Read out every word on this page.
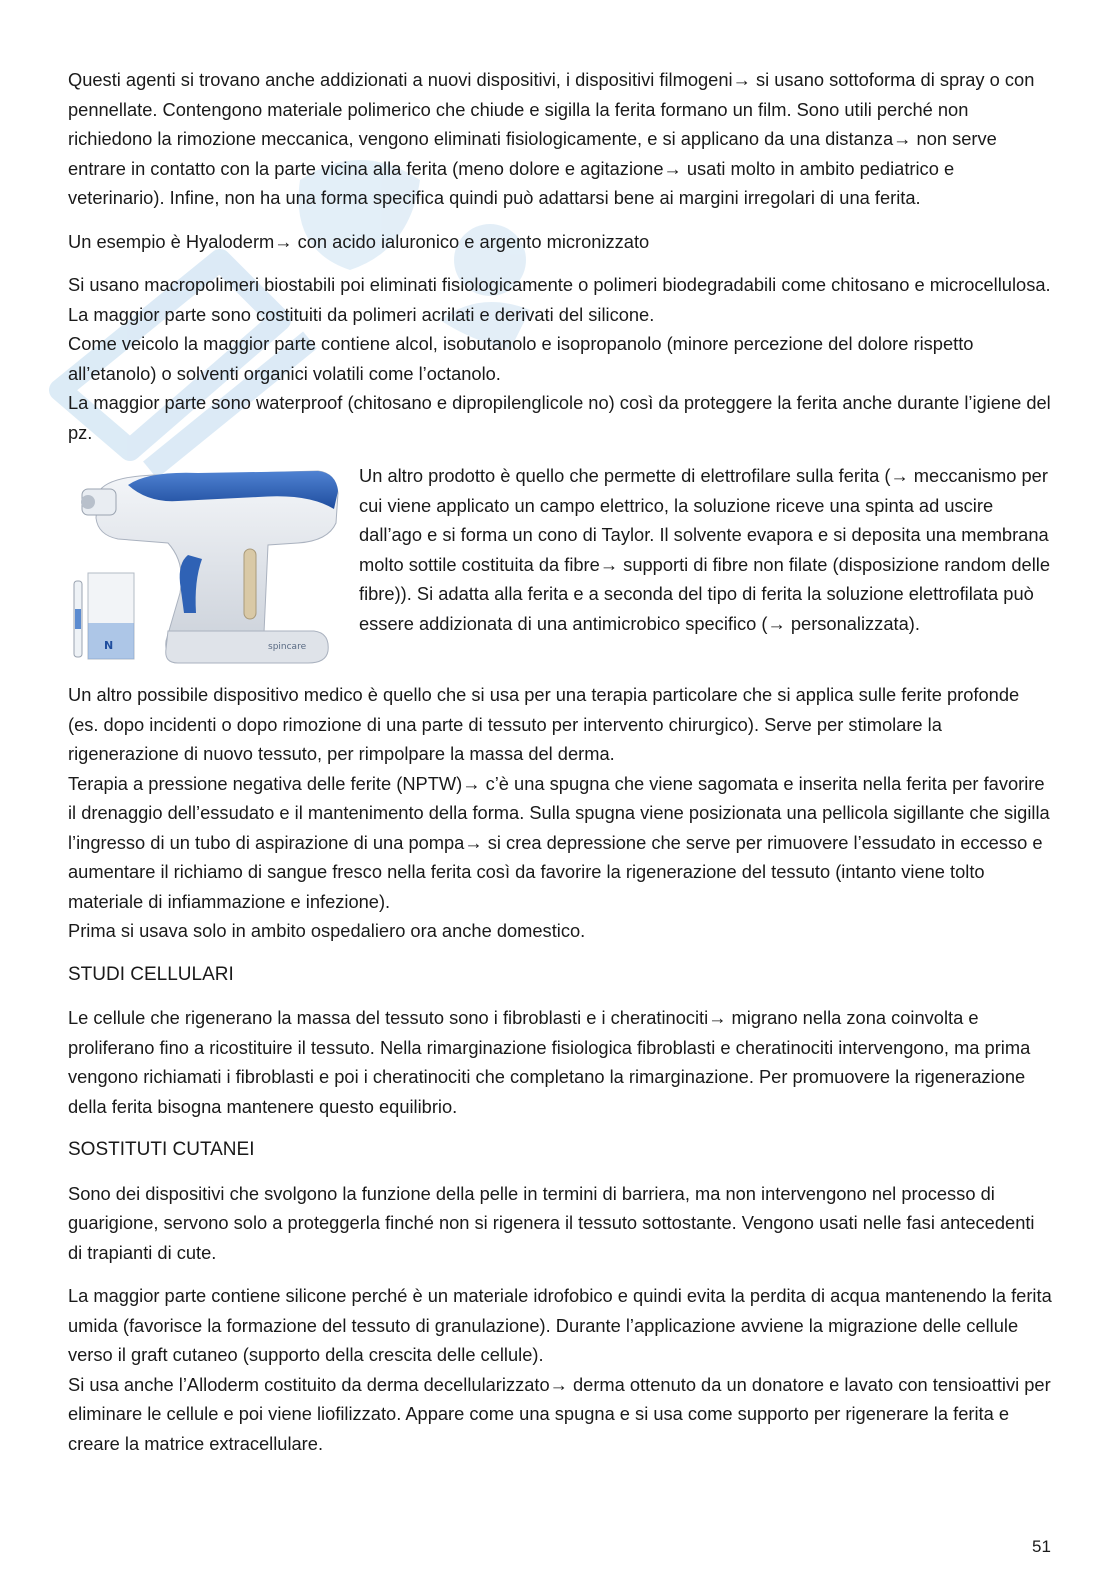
Questi agenti si trovano anche addizionati a nuovi dispositivi, i dispositivi filmogeni→ si usano sottoforma di spray o con pennellate. Contengono materiale polimerico che chiude e sigilla la ferita formano un film. Sono utili perché non richiedono la rimozione meccanica, vengono eliminati fisiologicamente, e si applicano da una distanza→ non serve entrare in contatto con la parte vicina alla ferita (meno dolore e agitazione→ usati molto in ambito pediatrico e veterinario). Infine, non ha una forma specifica quindi può adattarsi bene ai margini irregolari di una ferita.

Un esempio è Hyaloderm→ con acido ialuronico e argento micronizzato

Si usano macropolimeri biostabili poi eliminati fisiologicamente o polimeri biodegradabili come chitosano e microcellulosa. La maggior parte sono costituiti da polimeri acrilati e derivati del silicone.
Come veicolo la maggior parte contiene alcol, isobutanolo e isopropanolo (minore percezione del dolore rispetto all’etanolo) o solventi organici volatili come l’octanolo.
La maggior parte sono waterproof (chitosano e dipropilenglicole no) così da proteggere la ferita anche durante l’igiene del pz.

spincare
N
Un altro prodotto è quello che permette di elettrofilare sulla ferita (→ meccanismo per cui viene applicato un campo elettrico, la soluzione riceve una spinta ad uscire dall’ago e si forma un cono di Taylor. Il solvente evapora e si deposita una membrana molto sottile costituita da fibre→ supporti di fibre non filate (disposizione random delle fibre)). Si adatta alla ferita e a seconda del tipo di ferita la soluzione elettrofilata può essere addizionata di una antimicrobico specifico (→ personalizzata).

Un altro possibile dispositivo medico è quello che si usa per una terapia particolare che si applica sulle ferite profonde (es. dopo incidenti o dopo rimozione di una parte di tessuto per intervento chirurgico). Serve per stimolare la rigenerazione di nuovo tessuto, per rimpolpare la massa del derma.
Terapia a pressione negativa delle ferite (NPTW)→ c’è una spugna che viene sagomata e inserita nella ferita per favorire il drenaggio dell’essudato e il mantenimento della forma. Sulla spugna viene posizionata una pellicola sigillante che sigilla l’ingresso di un tubo di aspirazione di una pompa→ si crea depressione che serve per rimuovere l’essudato in eccesso e aumentare il richiamo di sangue fresco nella ferita così da favorire la rigenerazione del tessuto (intanto viene tolto materiale di infiammazione e infezione).
Prima si usava solo in ambito ospedaliero ora anche domestico.

STUDI CELLULARI

Le cellule che rigenerano la massa del tessuto sono i fibroblasti e i cheratinociti→ migrano nella zona coinvolta e proliferano fino a ricostituire il tessuto. Nella rimarginazione fisiologica fibroblasti e cheratinociti intervengono, ma prima vengono richiamati i fibroblasti e poi i cheratinociti che completano la rimarginazione. Per promuovere la rigenerazione della ferita bisogna mantenere questo equilibrio.

SOSTITUTI CUTANEI

Sono dei dispositivi che svolgono la funzione della pelle in termini di barriera, ma non intervengono nel processo di guarigione, servono solo a proteggerla finché non si rigenera il tessuto sottostante. Vengono usati nelle fasi antecedenti di trapianti di cute.

La maggior parte contiene silicone perché è un materiale idrofobico e quindi evita la perdita di acqua mantenendo la ferita umida (favorisce la formazione del tessuto di granulazione). Durante l’applicazione avviene la migrazione delle cellule verso il graft cutaneo (supporto della crescita delle cellule).
Si usa anche l’Alloderm costituito da derma decellularizzato→ derma ottenuto da un donatore e lavato con tensioattivi per eliminare le cellule e poi viene liofilizzato. Appare come una spugna e si usa come supporto per rigenerare la ferita e creare la matrice extracellulare.

51
